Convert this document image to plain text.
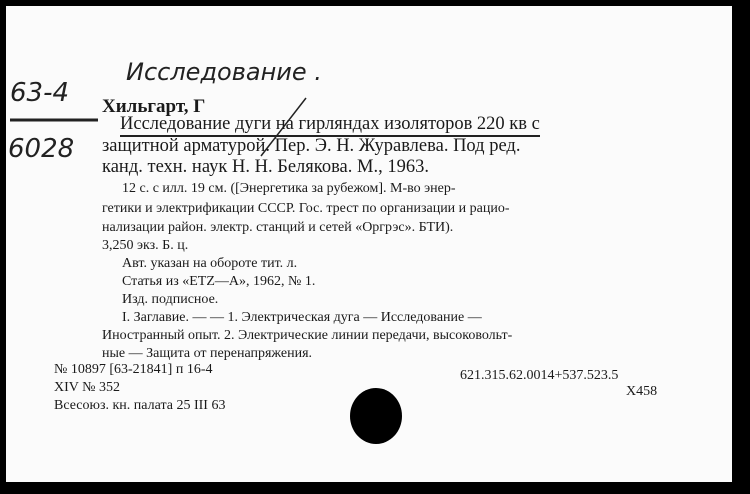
Исследование .
63-4
6028
Хильгарт, Г
Исследование дуги на гирляндах изоляторов 220 кв с
защитной арматурой. Пер. Э. Н. Журавлева. Под ред.
канд. техн. наук Н. Н. Белякова. М., 1963.
12 с. с илл. 19 см. ([Энергетика за рубежом]. М-во энер-
гетики и электрификации СССР. Гос. трест по организации и рацио-
нализации район. электр. станций и сетей «Оргрэс». БТИ).
3,250 экз. Б. ц.
Авт. указан на обороте тит. л.
Статья из «ETZ—A», 1962, № 1.
Изд. подписное.
I. Заглавие. — — 1. Электрическая дуга — Исследование —
Иностранный опыт. 2. Электрические линии передачи, высоковольт-
ные — Защита от перенапряжения.
№ 10897 [63-21841] п 16-4
XIV № 352
Всесоюз. кн. палата 25 III 63
621.315.62.0014+537.523.5
Х458
